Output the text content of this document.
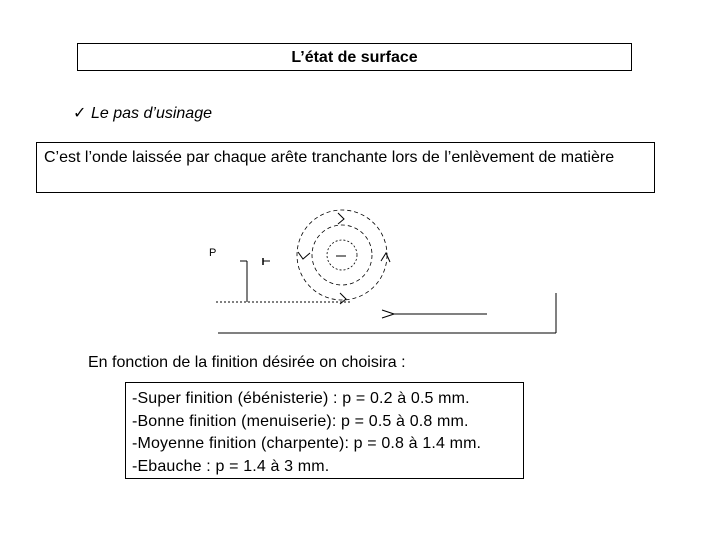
L’état de surface
✓ Le pas d’usinage
C’est l’onde laissée par chaque arête tranchante lors de l’enlèvement de matière
P
En fonction de la finition désirée on choisira :
-Super finition (ébénisterie) : p = 0.2 à 0.5 mm.
-Bonne finition (menuiserie): p = 0.5 à 0.8 mm.
-Moyenne finition (charpente): p = 0.8 à 1.4 mm.
-Ebauche : p = 1.4 à 3 mm.
